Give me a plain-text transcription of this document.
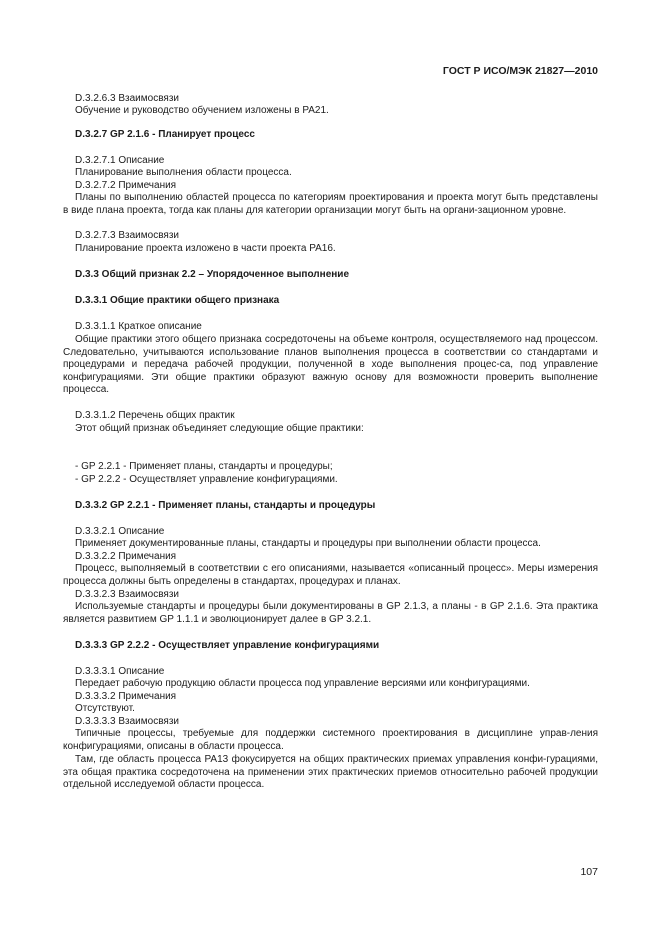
ГОСТ Р ИСО/МЭК 21827—2010
D.3.2.6.3 Взаимосвязи
Обучение и руководство обучением изложены в PA21.
D.3.2.7 GP 2.1.6 - Планирует процесс
D.3.2.7.1 Описание
Планирование выполнения области процесса.
D.3.2.7.2 Примечания
Планы по выполнению областей процесса по категориям проектирования и проекта могут быть представлены в виде плана проекта, тогда как планы для категории организации могут быть на органи-зационном уровне.
D.3.2.7.3 Взаимосвязи
Планирование проекта изложено в части проекта PA16.
D.3.3 Общий признак 2.2 – Упорядоченное выполнение
D.3.3.1 Общие практики общего признака
D.3.3.1.1 Краткое описание
Общие практики этого общего признака сосредоточены на объеме контроля, осуществляемого над процессом. Следовательно, учитываются использование планов выполнения процесса в соответствии со стандартами и процедурами и передача рабочей продукции, полученной в ходе выполнения процес-са, под управление конфигурациями. Эти общие практики образуют важную основу для возможности проверить выполнение процесса.
D.3.3.1.2 Перечень общих практик
Этот общий признак объединяет следующие общие практики:
- GP 2.2.1 - Применяет планы, стандарты и процедуры;
- GP 2.2.2 - Осуществляет управление конфигурациями.
D.3.3.2 GP 2.2.1 - Применяет планы, стандарты и процедуры
D.3.3.2.1 Описание
Применяет документированные планы, стандарты и процедуры при выполнении области процесса.
D.3.3.2.2 Примечания
Процесс, выполняемый в соответствии с его описаниями, называется «описанный процесс». Меры измерения процесса должны быть определены в стандартах, процедурах и планах.
D.3.3.2.3 Взаимосвязи
Используемые стандарты и процедуры были документированы в GP 2.1.3, а планы - в GP 2.1.6. Эта практика является развитием GP 1.1.1 и эволюционирует далее в GP 3.2.1.
D.3.3.3 GP 2.2.2 - Осуществляет управление конфигурациями
D.3.3.3.1 Описание
Передает рабочую продукцию области процесса под управление версиями или конфигурациями.
D.3.3.3.2 Примечания
Отсутствуют.
D.3.3.3.3 Взаимосвязи
Типичные процессы, требуемые для поддержки системного проектирования в дисциплине управ-ления конфигурациями, описаны в области процесса.
Там, где область процесса PA13 фокусируется на общих практических приемах управления конфи-гурациями, эта общая практика сосредоточена на применении этих практических приемов относительно рабочей продукции отдельной исследуемой области процесса.
107
